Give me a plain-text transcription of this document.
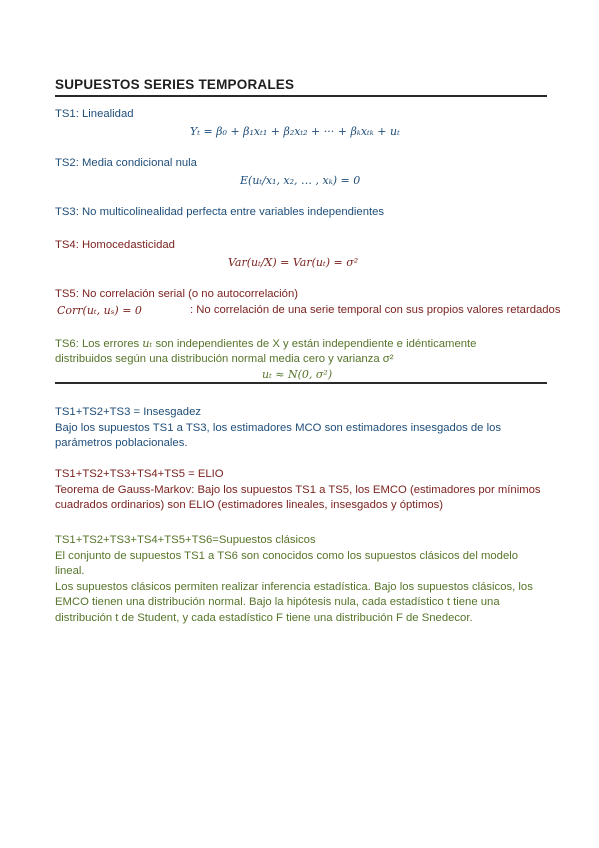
SUPUESTOS SERIES TEMPORALES
TS1: Linealidad
Yₜ = β₀ + β₁xₜ₁ + β₂xₜ₂ + ··· + βₖxₜₖ + uₜ
TS2: Media condicional nula
E(uₜ/x₁, x₂, … , xₖ) = 0
TS3: No multicolinealidad perfecta entre variables independientes
TS4: Homocedasticidad
Var(uₜ/X) = Var(uₜ) = σ²
TS5: No correlación serial (o no autocorrelación)
Corr(uₜ, uₛ) = 0	: No correlación de una serie temporal con sus propios valores retardados
TS6: Los errores uₜ son independientes de X y están independiente e idénticamente
distribuidos según una distribución normal media cero y varianza σ²
uₜ ≈ N(0, σ²)
TS1+TS2+TS3 = Insesgadez
Bajo los supuestos TS1 a TS3, los estimadores MCO son estimadores insesgados de los
parámetros poblacionales.
TS1+TS2+TS3+TS4+TS5 = ELIO
Teorema de Gauss-Markov: Bajo los supuestos TS1 a TS5, los EMCO (estimadores por mínimos
cuadrados ordinarios) son ELIO (estimadores lineales, insesgados y óptimos)
TS1+TS2+TS3+TS4+TS5+TS6=Supuestos clásicos
El conjunto de supuestos TS1 a TS6 son conocidos como los supuestos clásicos del modelo
lineal.
Los supuestos clásicos permiten realizar inferencia estadística. Bajo los supuestos clásicos, los
EMCO tienen una distribución normal. Bajo la hipótesis nula, cada estadístico t tiene una
distribución t de Student, y cada estadístico F tiene una distribución F de Snedecor.
